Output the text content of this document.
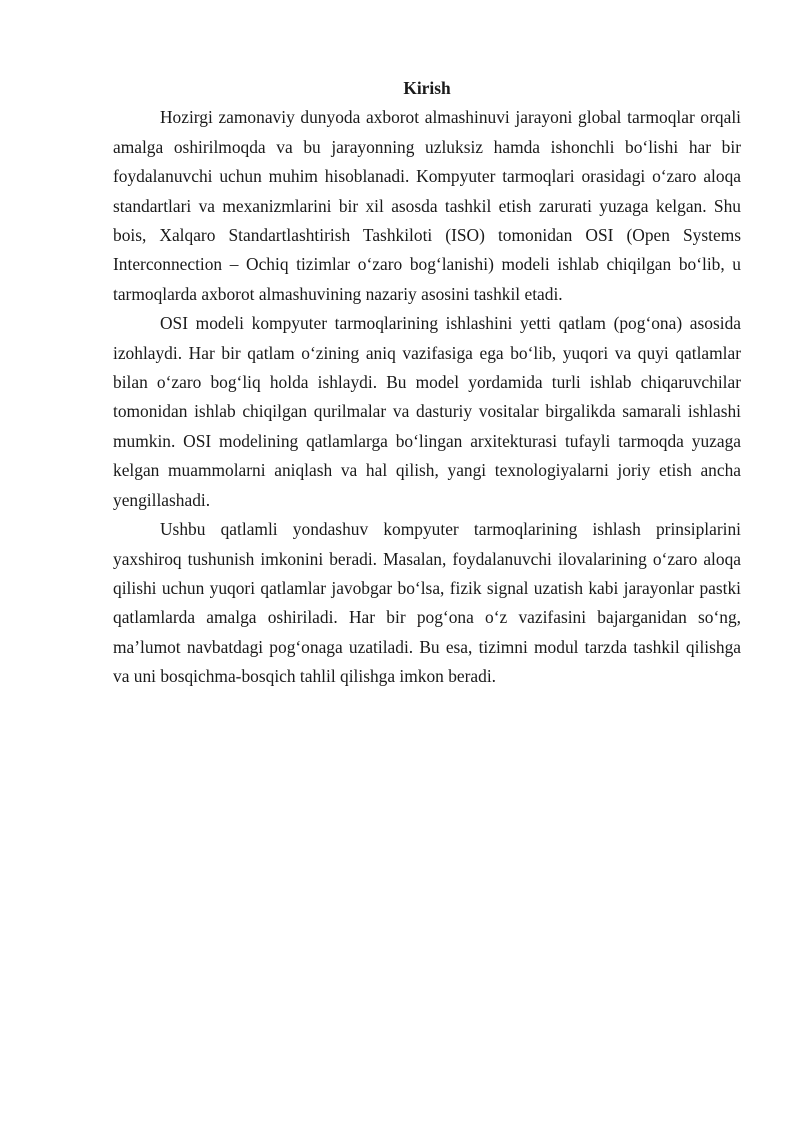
Kirish

Hozirgi zamonaviy dunyoda axborot almashinuvi jarayoni global tarmoqlar orqali amalga oshirilmoqda va bu jarayonning uzluksiz hamda ishonchli boʻlishi har bir foydalanuvchi uchun muhim hisoblanadi. Kompyuter tarmoqlari orasidagi oʻzaro aloqa standartlari va mexanizmlarini bir xil asosda tashkil etish zarurati yuzaga kelgan. Shu bois, Xalqaro Standartlashtirish Tashkiloti (ISO) tomonidan OSI (Open Systems Interconnection – Ochiq tizimlar oʻzaro bogʻlanishi) modeli ishlab chiqilgan boʻlib, u tarmoqlarda axborot almashuvining nazariy asosini tashkil etadi.

OSI modeli kompyuter tarmoqlarining ishlashini yetti qatlam (pogʻona) asosida izohlaydi. Har bir qatlam oʻzining aniq vazifasiga ega boʻlib, yuqori va quyi qatlamlar bilan oʻzaro bogʻliq holda ishlaydi. Bu model yordamida turli ishlab chiqaruvchilar tomonidan ishlab chiqilgan qurilmalar va dasturiy vositalar birgalikda samarali ishlashi mumkin. OSI modelining qatlamlarga boʻlingan arxitekturasi tufayli tarmoqda yuzaga kelgan muammolarni aniqlash va hal qilish, yangi texnologiyalarni joriy etish ancha yengillashadi.

Ushbu qatlamli yondashuv kompyuter tarmoqlarining ishlash prinsiplarini yaxshiroq tushunish imkonini beradi. Masalan, foydalanuvchi ilovalarining oʻzaro aloqa qilishi uchun yuqori qatlamlar javobgar boʻlsa, fizik signal uzatish kabi jarayonlar pastki qatlamlarda amalga oshiriladi. Har bir pogʻona oʻz vazifasini bajarganidan soʻng, maʼlumot navbatdagi pogʻonaga uzatiladi. Bu esa, tizimni modul tarzda tashkil qilishga va uni bosqichma-bosqich tahlil qilishga imkon beradi.
